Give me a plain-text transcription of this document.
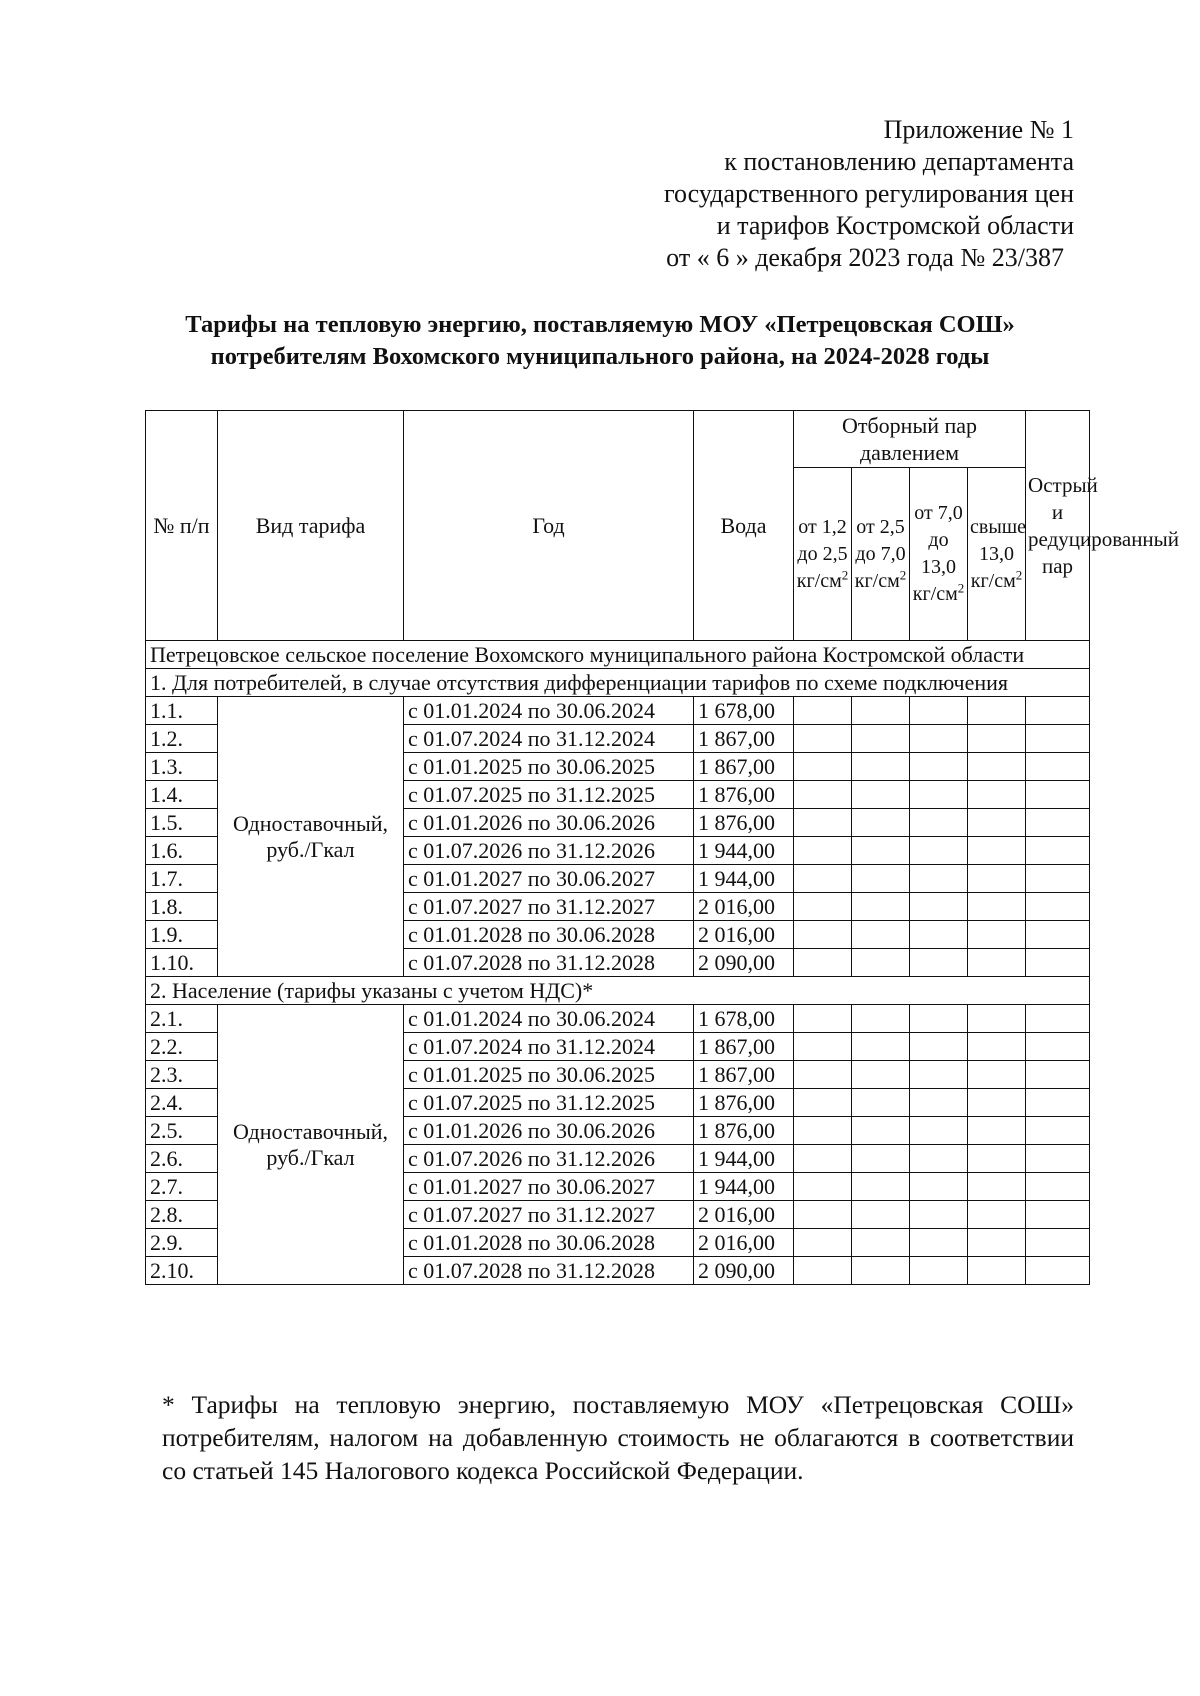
Приложение № 1
к постановлению департамента
государственного регулирования цен
и тарифов Костромской области
от « 6 » декабря 2023 года № 23/387
Тарифы на тепловую энергию, поставляемую МОУ «Петрецовская СОШ»
потребителям Вохомского муниципального района, на 2024-2028 годы
№ п/п	Вид тарифа	Год	Вода	Отборный пар давлением				Острый и редуцированный пар
				от 1,2 до 2,5 $кг/см^2$	от 2,5 до 7,0 $кг/см^2$	от 7,0 до 13,0 $кг/см^2$	свыше 13,0 $кг/см^2$
Петрецовское сельское поселение Вохомского муниципального района Костромской области								
1. Для потребителей, в случае отсутствия дифференциации тарифов по схеме подключения								
1.1.	Одноставочный, руб./Гкал	с 01.01.2024 по 30.06.2024	1 678,00					
1.2.		с 01.07.2024 по 31.12.2024	1 867,00					
1.3.		с 01.01.2025 по 30.06.2025	1 867,00					
1.4.		с 01.07.2025 по 31.12.2025	1 876,00					
1.5.		с 01.01.2026 по 30.06.2026	1 876,00					
1.6.		с 01.07.2026 по 31.12.2026	1 944,00					
1.7.		с 01.01.2027 по 30.06.2027	1 944,00					
1.8.		с 01.07.2027 по 31.12.2027	2 016,00					
1.9.		с 01.01.2028 по 30.06.2028	2 016,00					
1.10.		с 01.07.2028 по 31.12.2028	2 090,00					
2. Население (тарифы указаны с учетом НДС)*								
2.1.	Одноставочный, руб./Гкал	с 01.01.2024 по 30.06.2024	1 678,00					
2.2.		с 01.07.2024 по 31.12.2024	1 867,00					
2.3.		с 01.01.2025 по 30.06.2025	1 867,00					
2.4.		с 01.07.2025 по 31.12.2025	1 876,00					
2.5.		с 01.01.2026 по 30.06.2026	1 876,00					
2.6.		с 01.07.2026 по 31.12.2026	1 944,00					
2.7.		с 01.01.2027 по 30.06.2027	1 944,00					
2.8.		с 01.07.2027 по 31.12.2027	2 016,00					
2.9.		с 01.01.2028 по 30.06.2028	2 016,00					
2.10.		с 01.07.2028 по 31.12.2028	2 090,00					

* Тарифы на тепловую энергию, поставляемую МОУ «Петрецовская СОШ» потребителям, налогом на добавленную стоимость не облагаются в соответствии со статьей 145 Налогового кодекса Российской Федерации.
